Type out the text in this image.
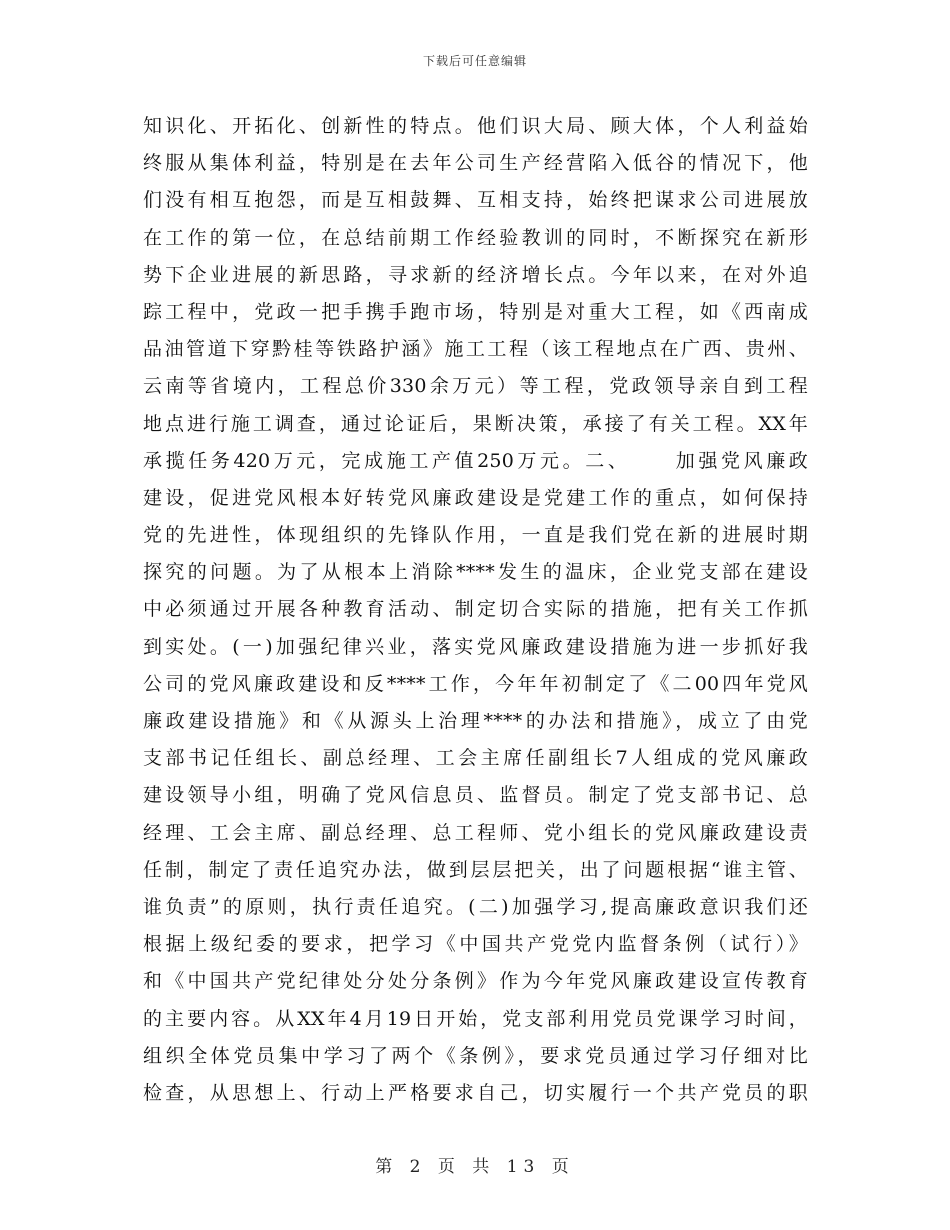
下载后可任意编辑
知识化、开拓化、创新性的特点。他们识大局、顾大体，个人利益始
终服从集体利益，特别是在去年公司生产经营陷入低谷的情况下，他
们没有相互抱怨，而是互相鼓舞、互相支持，始终把谋求公司进展放
在工作的第一位，在总结前期工作经验教训的同时，不断探究在新形
势下企业进展的新思路，寻求新的经济增长点。今年以来，在对外追
踪工程中，党政一把手携手跑市场，特别是对重大工程，如《西南成
品油管道下穿黔桂等铁路护涵》施工工程（该工程地点在广西、贵州、
云南等省境内，工程总价330余万元）等工程，党政领导亲自到工程
地点进行施工调查，通过论证后，果断决策，承接了有关工程。XX年
承揽任务420万元，完成施工产值250万元。二、　　 加强党风廉政
建设，促进党风根本好转党风廉政建设是党建工作的重点，如何保持
党的先进性，体现组织的先锋队作用，一直是我们党在新的进展时期
探究的问题。为了从根本上消除****发生的温床，企业党支部在建设
中必须通过开展各种教育活动、制定切合实际的措施，把有关工作抓
到实处。(一)加强纪律兴业，落实党风廉政建设措施为进一步抓好我
公司的党风廉政建设和反****工作，今年年初制定了《二00四年党风
廉政建设措施》和《从源头上治理****的办法和措施》，成立了由党
支部书记任组长、副总经理、工会主席任副组长7人组成的党风廉政
建设领导小组，明确了党风信息员、监督员。制定了党支部书记、总
经理、工会主席、副总经理、总工程师、党小组长的党风廉政建设责
任制，制定了责任追究办法，做到层层把关，出了问题根据“谁主管、
谁负责”的原则，执行责任追究。(二)加强学习,提高廉政意识我们还
根据上级纪委的要求，把学习《中国共产党党内监督条例（试行）》
和《中国共产党纪律处分处分条例》作为今年党风廉政建设宣传教育
的主要内容。从XX年4月19日开始，党支部利用党员党课学习时间，
组织全体党员集中学习了两个《条例》，要求党员通过学习仔细对比
检查，从思想上、行动上严格要求自己，切实履行一个共产党员的职
第 2 页 共 13 页
